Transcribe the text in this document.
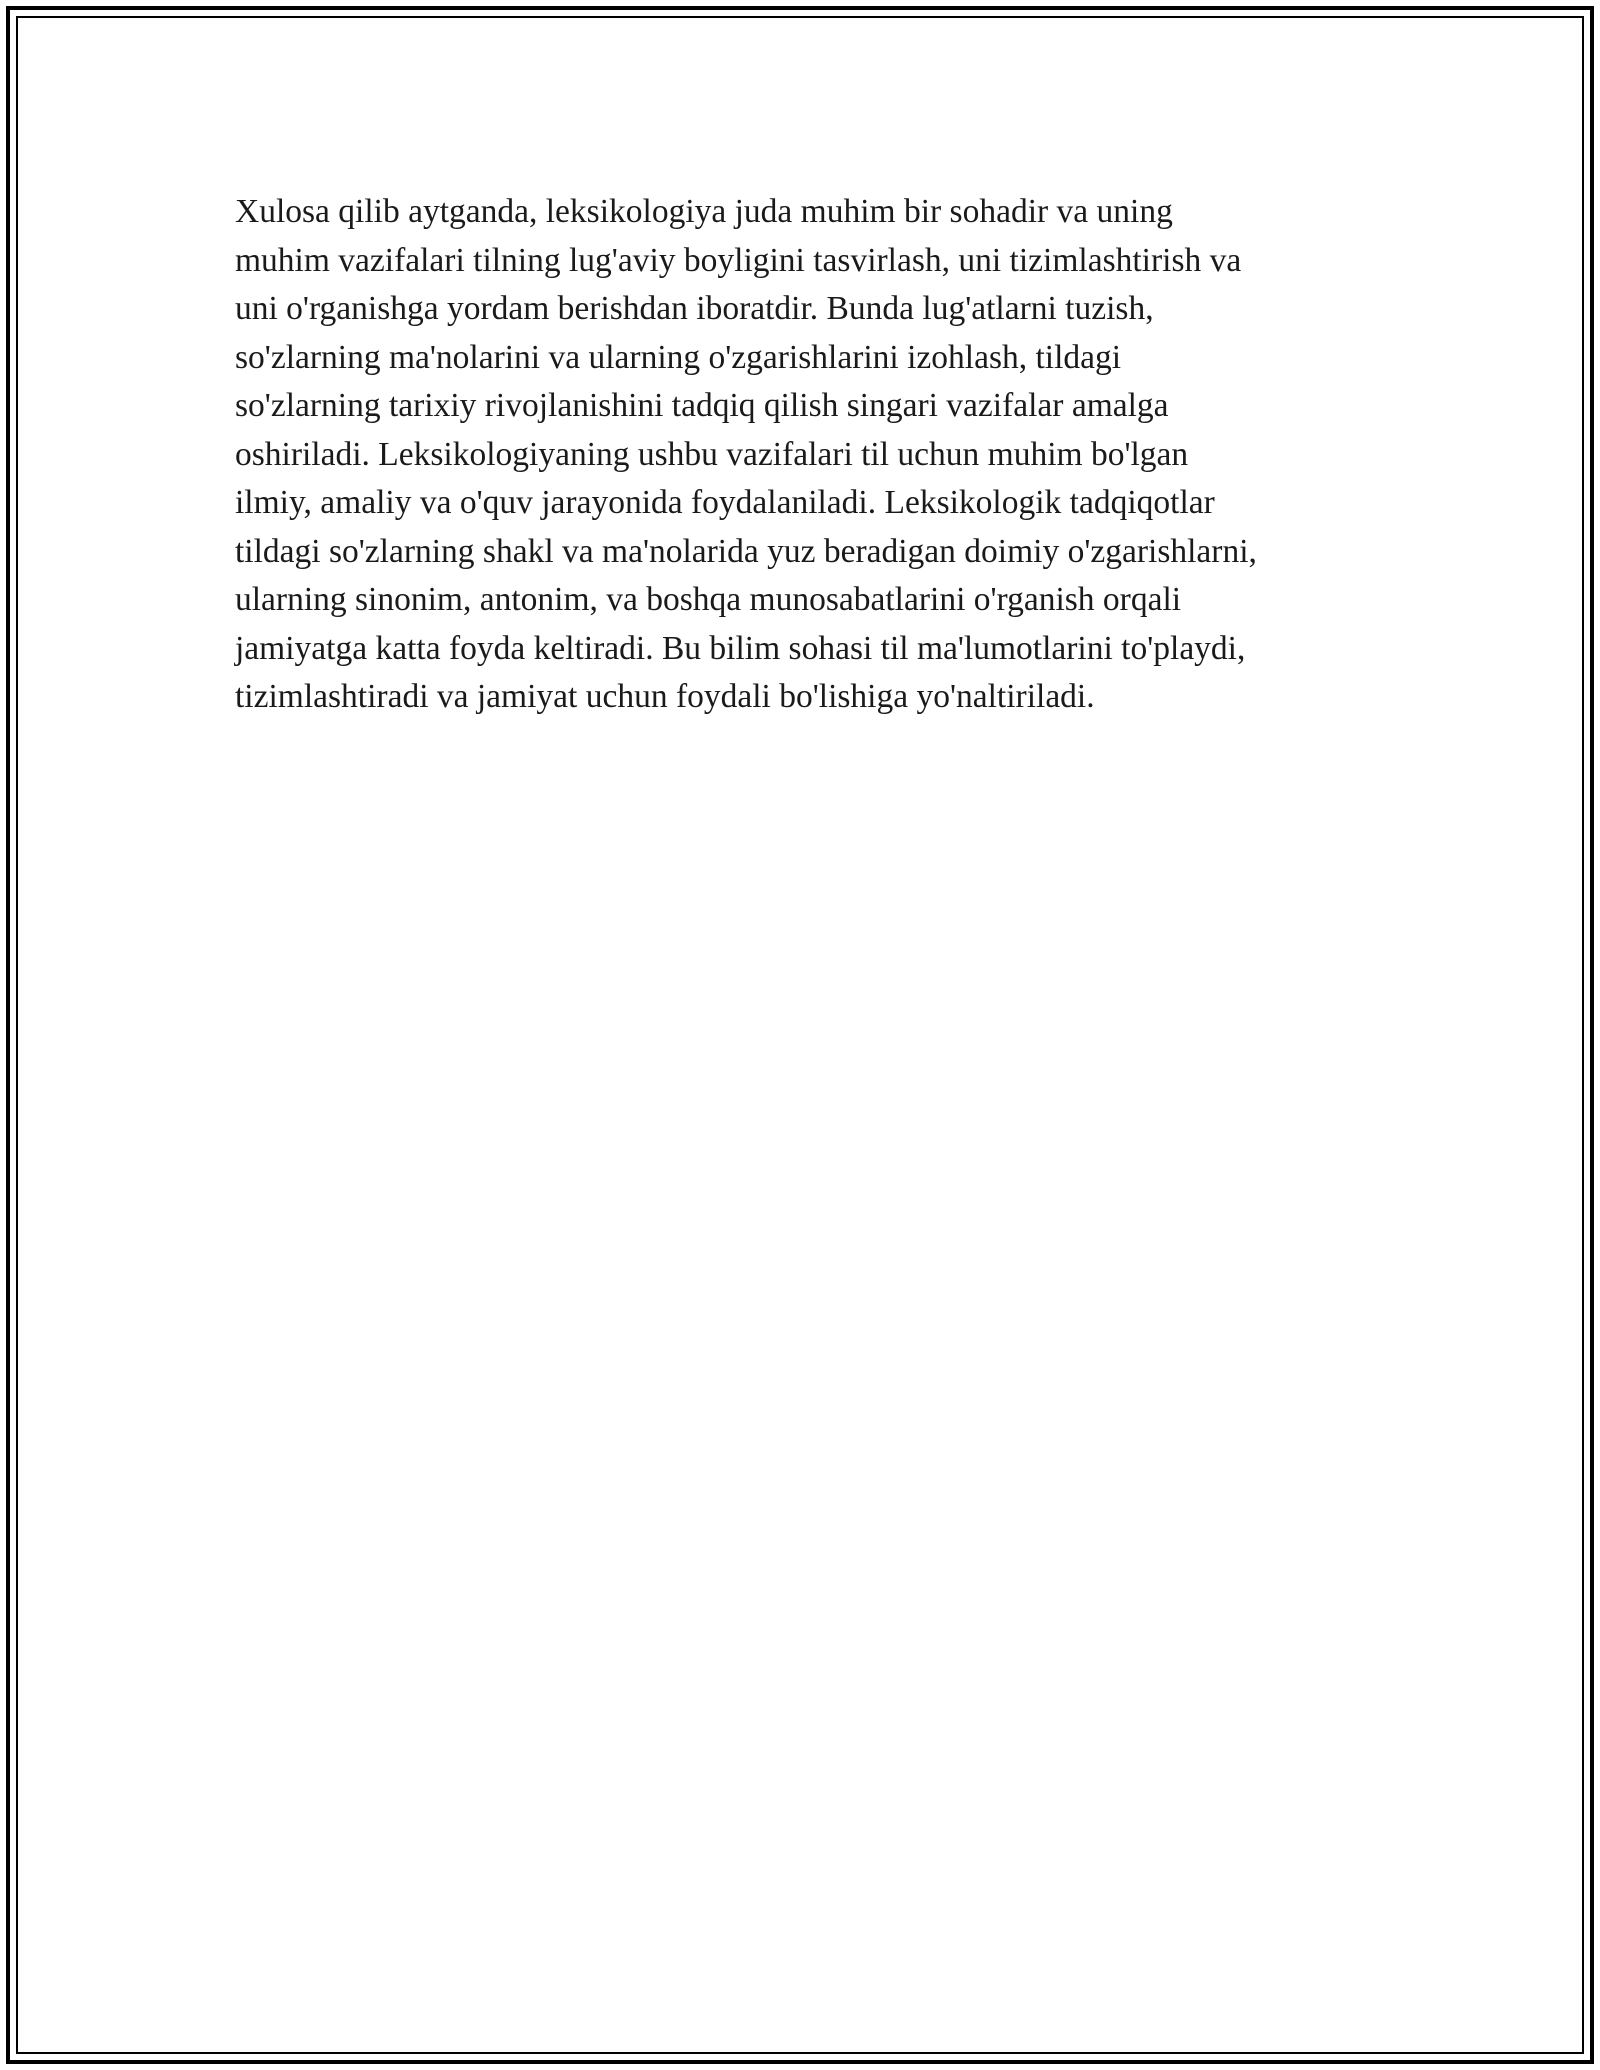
Xulosa qilib aytganda, leksikologiya juda muhim bir sohadir va uning
muhim vazifalari tilning lug'aviy boyligini tasvirlash, uni tizimlashtirish va
uni o'rganishga yordam berishdan iboratdir. Bunda lug'atlarni tuzish,
so'zlarning ma'nolarini va ularning o'zgarishlarini izohlash, tildagi
so'zlarning tarixiy rivojlanishini tadqiq qilish singari vazifalar amalga
oshiriladi. Leksikologiyaning ushbu vazifalari til uchun muhim bo'lgan
ilmiy, amaliy va o'quv jarayonida foydalaniladi. Leksikologik tadqiqotlar
tildagi so'zlarning shakl va ma'nolarida yuz beradigan doimiy o'zgarishlarni,
ularning sinonim, antonim, va boshqa munosabatlarini o'rganish orqali
jamiyatga katta foyda keltiradi. Bu bilim sohasi til ma'lumotlarini to'playdi,
tizimlashtiradi va jamiyat uchun foydali bo'lishiga yo'naltiriladi.
